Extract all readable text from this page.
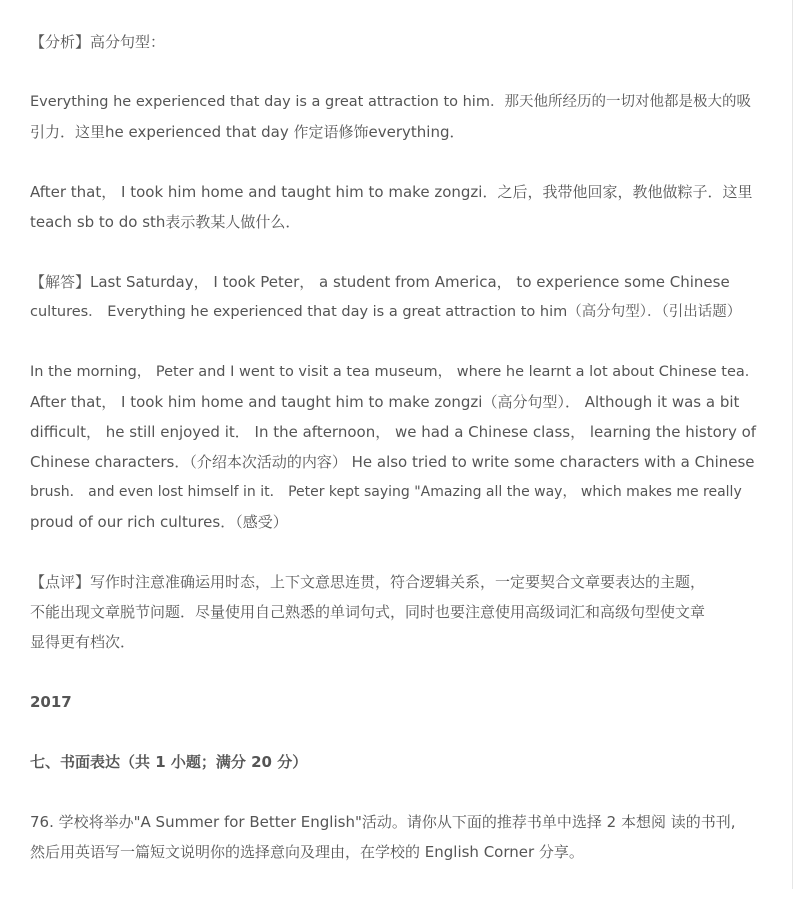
【分析】高分句型：

Everything he experienced that day is a great attraction to him．那天他所经历的一切对他都是极大的吸
引力．这里he experienced that day 作定语修饰everything．

After that， I took him home and taught him to make zongzi．之后，我带他回家，教他做粽子．这里
teach sb to do sth表示教某人做什么．

【解答】Last Saturday， I took Peter， a student from America， to experience some Chinese
cultures． Everything he experienced that day is a great attraction to him（高分句型）．（引出话题）

In the morning， Peter and I went to visit a tea museum， where he learnt a lot about Chinese tea．
After that， I took him home and taught him to make zongzi（高分句型）． Although it was a bit
difficult， he still enjoyed it． In the afternoon， we had a Chinese class， learning the history of
Chinese characters．（介绍本次活动的内容） He also tried to write some characters with a Chinese
brush． and even lost himself in it． Peter kept saying "Amazing all the way， which makes me really
proud of our rich cultures．（感受）

【点评】写作时注意准确运用时态，上下文意思连贯，符合逻辑关系，一定要契合文章要表达的主题，
不能出现文章脱节问题．尽量使用自己熟悉的单词句式，同时也要注意使用高级词汇和高级句型使文章
显得更有档次．

2017

七、书面表达（共 1 小题；满分 20 分）

76. 学校将举办"A Summer for Better English"活动。请你从下面的推荐书单中选择 2 本想阅 读的书刊,
然后用英语写一篇短文说明你的选择意向及理由，在学校的 English Corner 分享。
